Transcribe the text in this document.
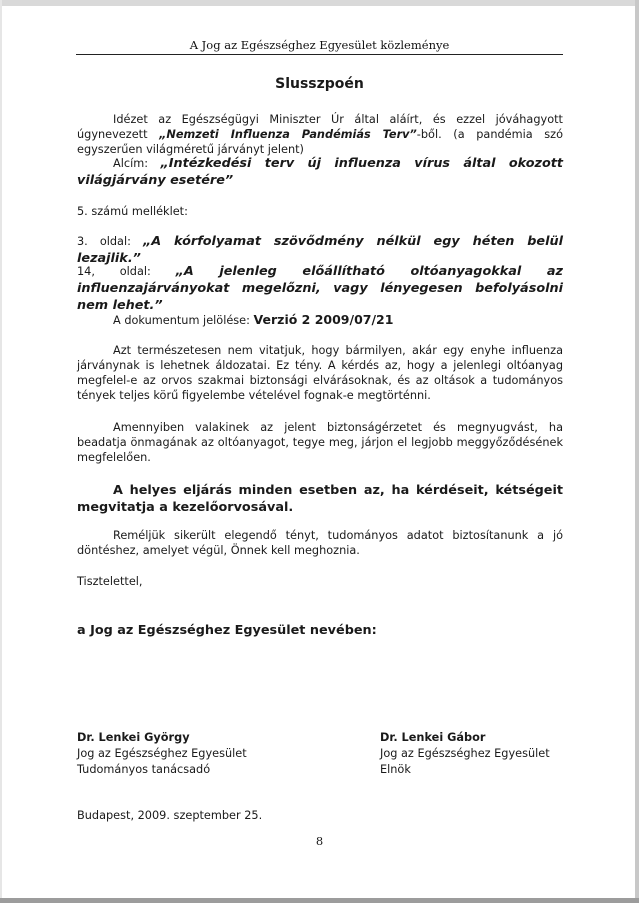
A Jog az Egészséghez Egyesület közleménye
Slusszpoén
Idézet az Egészségügyi Miniszter Úr által aláírt, és ezzel jóváhagyott úgynevezett „Nemzeti Influenza Pandémiás Terv”-ből. (a pandémia szó egyszerűen világméretű járványt jelent)
Alcím: „Intézkedési terv új influenza vírus által okozott világjárvány esetére”
5. számú melléklet:
3. oldal: „A kórfolyamat szövődmény nélkül egy héten belül lezajlik.”
14, oldal: „A jelenleg előállítható oltóanyagokkal az influenzajárványokat megelőzni, vagy lényegesen befolyásolni nem lehet.”
A dokumentum jelölése: Verzió 2 2009/07/21
Azt természetesen nem vitatjuk, hogy bármilyen, akár egy enyhe influenza járványnak is lehetnek áldozatai. Ez tény. A kérdés az, hogy a jelenlegi oltóanyag megfelel-e az orvos szakmai biztonsági elvárásoknak, és az oltások a tudományos tények teljes körű figyelembe vételével fognak-e megtörténni.
Amennyiben valakinek az jelent biztonságérzetet és megnyugvást, ha beadatja önmagának az oltóanyagot, tegye meg, járjon el legjobb meggyőződésének megfelelően.
A helyes eljárás minden esetben az, ha kérdéseit, kétségeit megvitatja a kezelőorvosával.
Reméljük sikerült elegendő tényt, tudományos adatot biztosítanunk a jó döntéshez, amelyet végül, Önnek kell meghoznia.
Tisztelettel,
a Jog az Egészséghez Egyesület nevében:
Dr. Lenkei György
Jog az Egészséghez Egyesület
Tudományos tanácsadó
Dr. Lenkei Gábor
Jog az Egészséghez Egyesület
Elnök
Budapest, 2009. szeptember 25.
8
